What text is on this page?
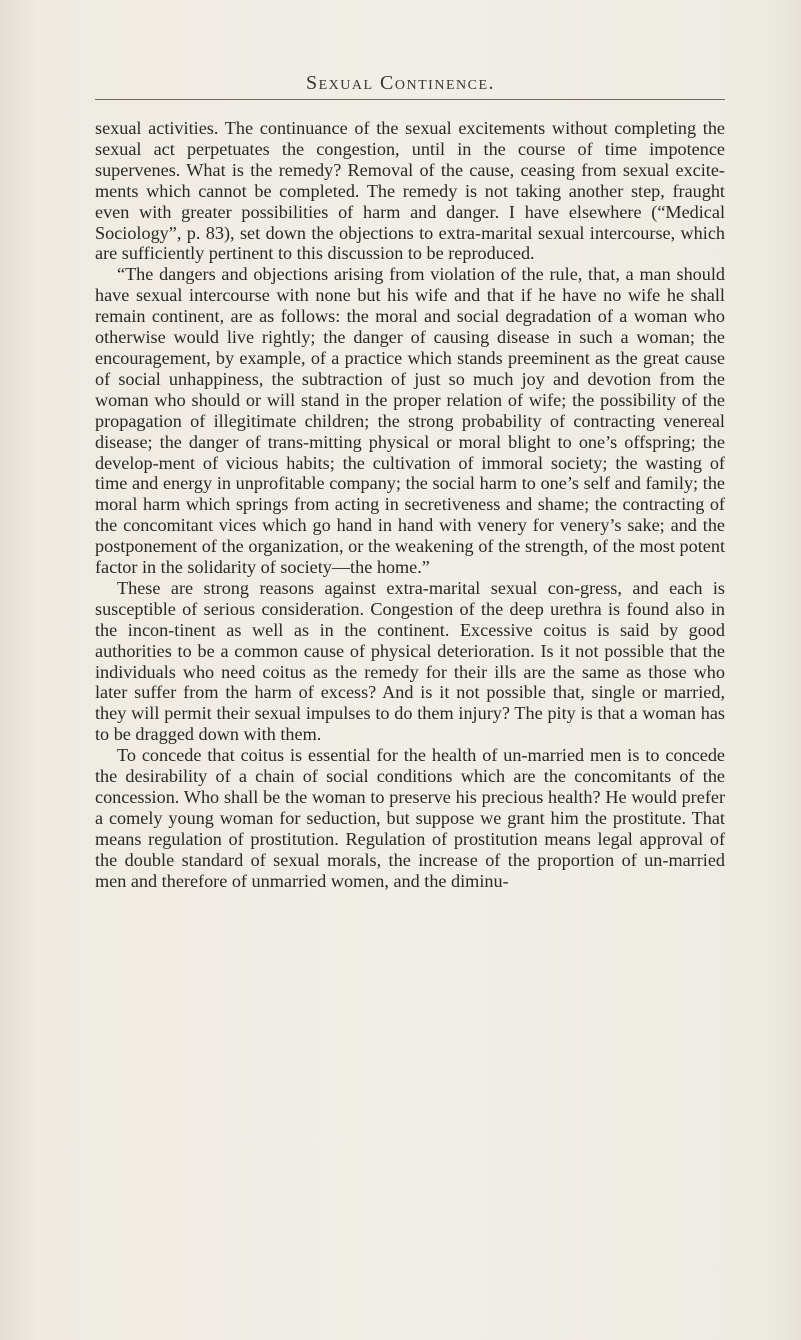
Sexual Continence.

sexual activities. The continuance of the sexual excitements without completing the sexual act perpetuates the congestion, until in the course of time impotence supervenes. What is the remedy? Removal of the cause, ceasing from sexual excite-ments which cannot be completed. The remedy is not taking another step, fraught even with greater possibilities of harm and danger. I have elsewhere (“Medical Sociology”, p. 83), set down the objections to extra-marital sexual intercourse, which are sufficiently pertinent to this discussion to be reproduced.

“The dangers and objections arising from violation of the rule, that, a man should have sexual intercourse with none but his wife and that if he have no wife he shall remain continent, are as follows: the moral and social degradation of a woman who otherwise would live rightly; the danger of causing disease in such a woman; the encouragement, by example, of a practice which stands preeminent as the great cause of social unhappiness, the subtraction of just so much joy and devotion from the woman who should or will stand in the proper relation of wife; the possibility of the propagation of illegitimate children; the strong probability of contracting venereal disease; the danger of trans-mitting physical or moral blight to one’s offspring; the develop-ment of vicious habits; the cultivation of immoral society; the wasting of time and energy in unprofitable company; the social harm to one’s self and family; the moral harm which springs from acting in secretiveness and shame; the contracting of the concomitant vices which go hand in hand with venery for venery’s sake; and the postponement of the organization, or the weakening of the strength, of the most potent factor in the solidarity of society—the home.”

These are strong reasons against extra-marital sexual con-gress, and each is susceptible of serious consideration. Congestion of the deep urethra is found also in the incon-tinent as well as in the continent. Excessive coitus is said by good authorities to be a common cause of physical deterioration. Is it not possible that the individuals who need coitus as the remedy for their ills are the same as those who later suffer from the harm of excess? And is it not possible that, single or married, they will permit their sexual impulses to do them injury? The pity is that a woman has to be dragged down with them.

To concede that coitus is essential for the health of un-married men is to concede the desirability of a chain of social conditions which are the concomitants of the concession. Who shall be the woman to preserve his precious health? He would prefer a comely young woman for seduction, but suppose we grant him the prostitute. That means regulation of prostitution. Regulation of prostitution means legal approval of the double standard of sexual morals, the increase of the proportion of un-married men and therefore of unmarried women, and the diminu-
